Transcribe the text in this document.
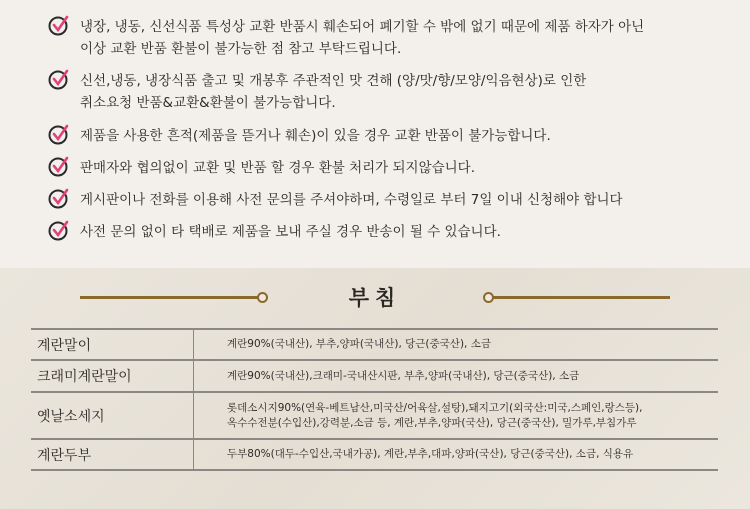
냉장, 냉동, 신선식품 특성상 교환 반품시 훼손되어 폐기할 수 밖에 없기 때문에 제품 하자가 아닌
이상 교환 반품 환불이 불가능한 점 참고 부탁드립니다.
신선,냉동, 냉장식품 출고 및 개봉후 주관적인 맛 견해 (양/맛/향/모양/익음현상)로 인한
취소요청 반품&교환&환불이 불가능합니다.
제품을 사용한 흔적(제품을 뜯거나 훼손)이 있을 경우 교환 반품이 불가능합니다.
판매자와 협의없이 교환 및 반품 할 경우 환불 처리가 되지않습니다.
게시판이나 전화를 이용해 사전 문의를 주셔야하며, 수령일로 부터 7일 이내 신청해야 합니다
사전 문의 없이 타 택배로 제품을 보내 주실 경우 반송이 될 수 있습니다.
부침
계란말이	계란90%(국내산), 부추,양파(국내산), 당근(중국산), 소금
크래미계란말이	계란90%(국내산),크래미-국내산시판, 부추,양파(국내산), 당근(중국산), 소금
옛날소세지	롯데소시지90%(연육-베트남산,미국산/어육살,설탕),돼지고기(외국산:미국,스페인,랑스등),
옥수수전분(수입산),강력분,소금 등, 계란,부추,양파(국산), 당근(중국산), 밀가루,부침가루
계란두부	두부80%(대두-수입산,국내가공), 계란,부추,대파,양파(국산), 당근(중국산), 소금, 식용유
